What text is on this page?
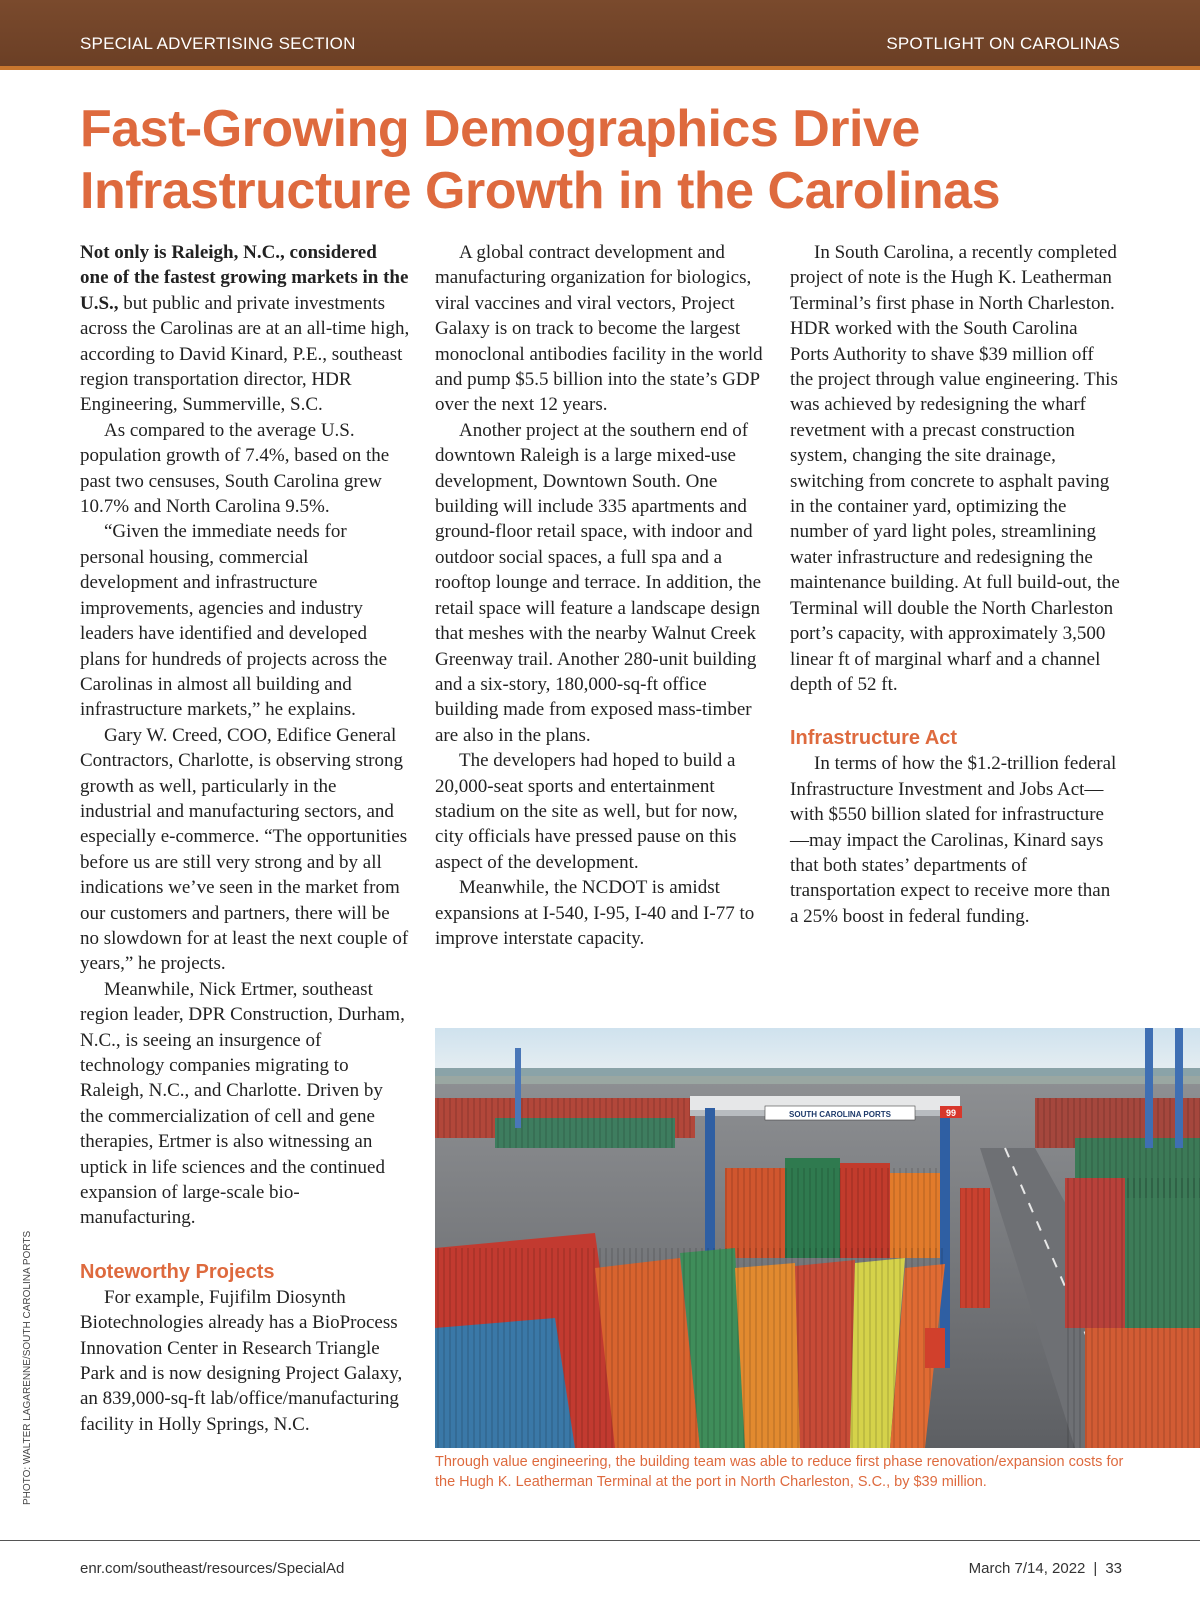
SPECIAL ADVERTISING SECTION	SPOTLIGHT ON CAROLINAS
Fast-Growing Demographics Drive
Infrastructure Growth in the Carolinas

Not only is Raleigh, N.C., considered one of the fastest growing markets in the U.S., but public and private investments across the Carolinas are at an all-time high, according to David Kinard, P.E., southeast region transportation director, HDR Engineering, Summerville, S.C.

As compared to the average U.S. population growth of 7.4%, based on the past two censuses, South Carolina grew 10.7% and North Carolina 9.5%.

“Given the immediate needs for personal housing, commercial development and infrastructure improvements, agencies and industry leaders have identified and developed plans for hundreds of projects across the Carolinas in almost all building and infrastructure markets,” he explains.

Gary W. Creed, COO, Edifice General Contractors, Charlotte, is observing strong growth as well, particularly in the industrial and manufacturing sectors, and especially e-commerce. “The opportunities before us are still very strong and by all indications we’ve seen in the market from our customers and partners, there will be no slowdown for at least the next couple of years,” he projects.

Meanwhile, Nick Ertmer, southeast region leader, DPR Construction, Durham, N.C., is seeing an insurgence of technology companies migrating to Raleigh, N.C., and Charlotte. Driven by the commercialization of cell and gene therapies, Ertmer is also witnessing an uptick in life sciences and the continued expansion of large-scale bio-manufacturing.

Noteworthy Projects

For example, Fujifilm Diosynth Biotechnologies already has a BioProcess Innovation Center in Research Triangle Park and is now designing Project Galaxy, an 839,000-sq-ft lab/office/manufacturing facility in Holly Springs, N.C.

A global contract development and manufacturing organization for biologics, viral vaccines and viral vectors, Project Galaxy is on track to become the largest monoclonal antibodies facility in the world and pump $5.5 billion into the state’s GDP over the next 12 years.

Another project at the southern end of downtown Raleigh is a large mixed-use development, Downtown South. One building will include 335 apartments and ground-floor retail space, with indoor and outdoor social spaces, a full spa and a rooftop lounge and terrace. In addition, the retail space will feature a landscape design that meshes with the nearby Walnut Creek Greenway trail. Another 280-unit building and a six-story, 180,000-sq-ft office building made from exposed mass-timber are also in the plans.

The developers had hoped to build a 20,000-seat sports and entertainment stadium on the site as well, but for now, city officials have pressed pause on this aspect of the development.

Meanwhile, the NCDOT is amidst expansions at I-540, I-95, I-40 and I-77 to improve interstate capacity.

In South Carolina, a recently completed project of note is the Hugh K. Leatherman Terminal’s first phase in North Charleston. HDR worked with the South Carolina Ports Authority to shave $39 million off the project through value engineering. This was achieved by redesigning the wharf revetment with a precast construction system, changing the site drainage, switching from concrete to asphalt paving in the container yard, optimizing the number of yard light poles, streamlining water infrastructure and redesigning the maintenance building. At full build-out, the Terminal will double the North Charleston port’s capacity, with approximately 3,500 linear ft of marginal wharf and a channel depth of 52 ft.

Infrastructure Act

In terms of how the $1.2-trillion federal Infrastructure Investment and Jobs Act—with $550 billion slated for infrastructure—may impact the Carolinas, Kinard says that both states’ departments of transportation expect to receive more than a 25% boost in federal funding.

SOUTH CAROLINA PORTS	99
Through value engineering, the building team was able to reduce first phase renovation/expansion costs for the Hugh K. Leatherman Terminal at the port in North Charleston, S.C., by $39 million.
PHOTO: WALTER LAGARENNE/SOUTH CAROLINA PORTS
enr.com/southeast/resources/SpecialAd	March 7/14, 2022 | 33
